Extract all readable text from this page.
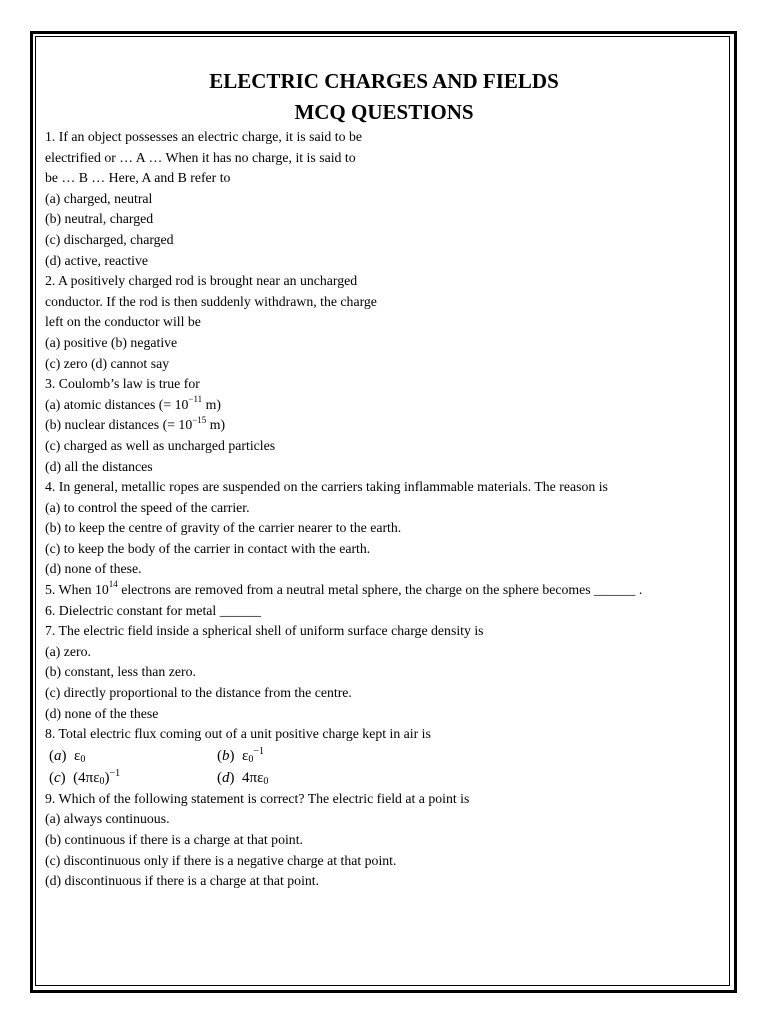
ELECTRIC CHARGES AND FIELDS
MCQ QUESTIONS
1. If an object possesses an electric charge, it is said to be
electrified or … A … When it has no charge, it is said to
be … B … Here, A and B refer to
(a) charged, neutral
(b) neutral, charged
(c) discharged, charged
(d) active, reactive
2. A positively charged rod is brought near an uncharged
conductor. If the rod is then suddenly withdrawn, the charge
left on the conductor will be
(a) positive (b) negative
(c) zero (d) cannot say
3. Coulomb’s law is true for
(a) atomic distances (= $10^{-11}$ m)
(b) nuclear distances (= $10^{-15}$ m)
(c) charged as well as uncharged particles
(d) all the distances
4. In general, metallic ropes are suspended on the carriers taking inflammable materials. The reason is
(a) to control the speed of the carrier.
(b) to keep the centre of gravity of the carrier nearer to the earth.
(c) to keep the body of the carrier in contact with the earth.
(d) none of these.
5. When $10^{14}$ electrons are removed from a neutral metal sphere, the charge on the sphere becomes ______ .
6. Dielectric constant for metal ______
7. The electric field inside a spherical shell of uniform surface charge density is
(a) zero.
(b) constant, less than zero.
(c) directly proportional to the distance from the centre.
(d) none of the these
8. Total electric flux coming out of a unit positive charge kept in air is
(a)  $\varepsilon_0$	(b)  $\varepsilon_0^{-1}$
(c)  $(4\pi\varepsilon_0)^{-1}$	(d)  $4\pi\varepsilon_0$
9. Which of the following statement is correct? The electric field at a point is
(a) always continuous.
(b) continuous if there is a charge at that point.
(c) discontinuous only if there is a negative charge at that point.
(d) discontinuous if there is a charge at that point.
